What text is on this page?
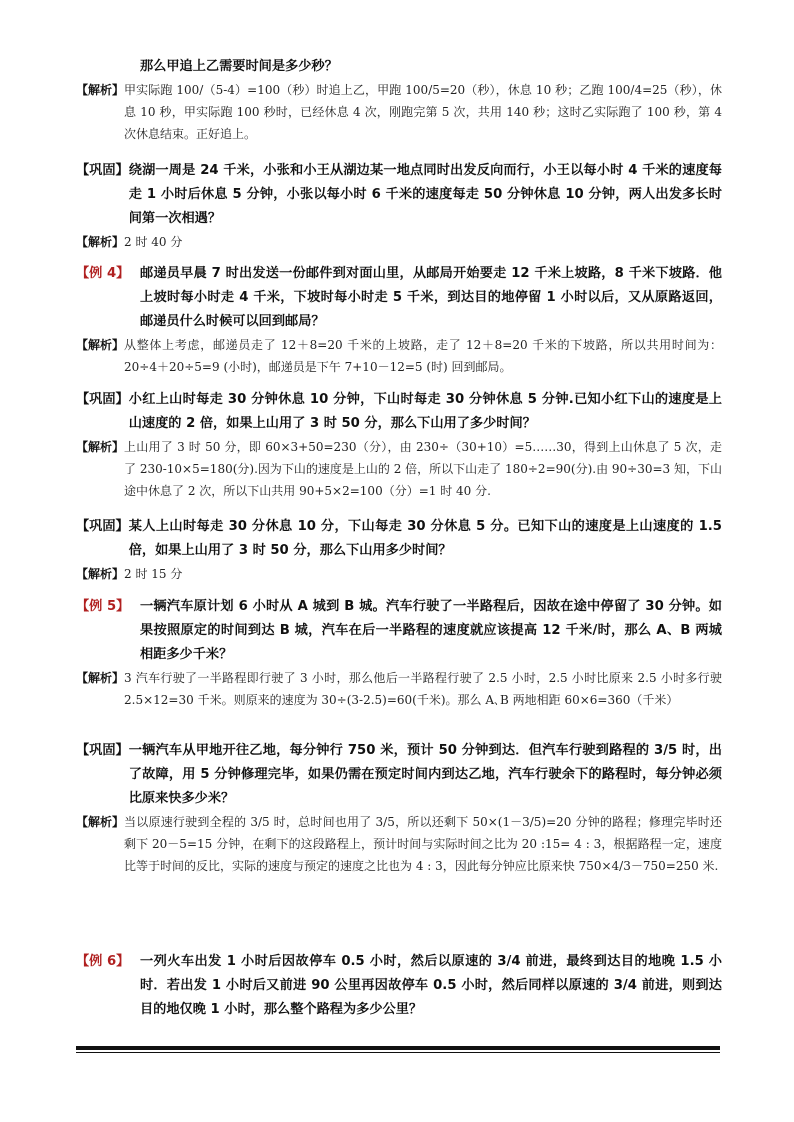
那么甲追上乙需要时间是多少秒？
【解析】 甲实际跑 100/（5-4）=100（秒）时追上乙，甲跑 100/5=20（秒），休息 10 秒；乙跑 100/4=25（秒），休息 10 秒，甲实际跑 100 秒时，已经休息 4 次，刚跑完第 5 次，共用 140 秒；这时乙实际跑了 100 秒，第 4 次休息结束。正好追上。
【巩固】 绕湖一周是 24 千米，小张和小王从湖边某一地点同时出发反向而行，小王以每小时 4 千米的速度每走 1 小时后休息 5 分钟，小张以每小时 6 千米的速度每走 50 分钟休息 10 分钟，两人出发多长时间第一次相遇？
【解析】 2 时 40 分
【例 4】 邮递员早晨 7 时出发送一份邮件到对面山里，从邮局开始要走 12 千米上坡路，8 千米下坡路．他上坡时每小时走 4 千米，下坡时每小时走 5 千米，到达目的地停留 1 小时以后，又从原路返回，邮递员什么时候可以回到邮局？
【解析】 从整体上考虑，邮递员走了 12＋8=20 千米的上坡路，走了 12＋8=20 千米的下坡路，所以共用时间为： 20÷4＋20÷5=9 (小时)，邮递员是下午 7+10－12=5 (时) 回到邮局。
【巩固】 小红上山时每走 30 分钟休息 10 分钟，下山时每走 30 分钟休息 5 分钟.已知小红下山的速度是上山速度的 2 倍，如果上山用了 3 时 50 分，那么下山用了多少时间？
【解析】 上山用了 3 时 50 分，即 60×3+50=230（分），由 230÷（30+10）=5……30，得到上山休息了 5 次，走了 230-10×5=180(分).因为下山的速度是上山的 2 倍，所以下山走了 180÷2=90(分).由 90÷30=3 知，下山途中休息了 2 次，所以下山共用 90+5×2=100（分）=1 时 40 分.
【巩固】 某人上山时每走 30 分休息 10 分，下山每走 30 分休息 5 分。已知下山的速度是上山速度的 1.5 倍，如果上山用了 3 时 50 分，那么下山用多少时间？
【解析】 2 时 15 分
【例 5】 一辆汽车原计划 6 小时从 A 城到 B 城。汽车行驶了一半路程后，因故在途中停留了 30 分钟。如果按照原定的时间到达 B 城，汽车在后一半路程的速度就应该提高 12 千米/时，那么 A、B 两城相距多少千米？
【解析】 3 汽车行驶了一半路程即行驶了 3 小时，那么他后一半路程行驶了 2.5 小时，2.5 小时比原来 2.5 小时多行驶 2.5×12=30 千米。则原来的速度为 30÷(3-2.5)=60(千米)。那么 A､B 两地相距 60×6=360（千米）
【巩固】 一辆汽车从甲地开往乙地，每分钟行 750 米，预计 50 分钟到达．但汽车行驶到路程的 3/5 时，出了故障，用 5 分钟修理完毕，如果仍需在预定时间内到达乙地，汽车行驶余下的路程时，每分钟必须比原来快多少米？
【解析】 当以原速行驶到全程的 3/5 时，总时间也用了 3/5，所以还剩下 50×(1－3/5)=20 分钟的路程；修理完毕时还剩下 20－5=15 分钟，在剩下的这段路程上，预计时间与实际时间之比为 20 :15= 4 : 3，根据路程一定，速度比等于时间的反比，实际的速度与预定的速度之比也为 4 : 3，因此每分钟应比原来快 750×4/3－750=250 米.
【例 6】 一列火车出发 1 小时后因故停车 0.5 小时，然后以原速的 3/4 前进，最终到达目的地晚 1.5 小时．若出发 1 小时后又前进 90 公里再因故停车 0.5 小时，然后同样以原速的 3/4 前进，则到达目的地仅晚 1 小时，那么整个路程为多少公里？
